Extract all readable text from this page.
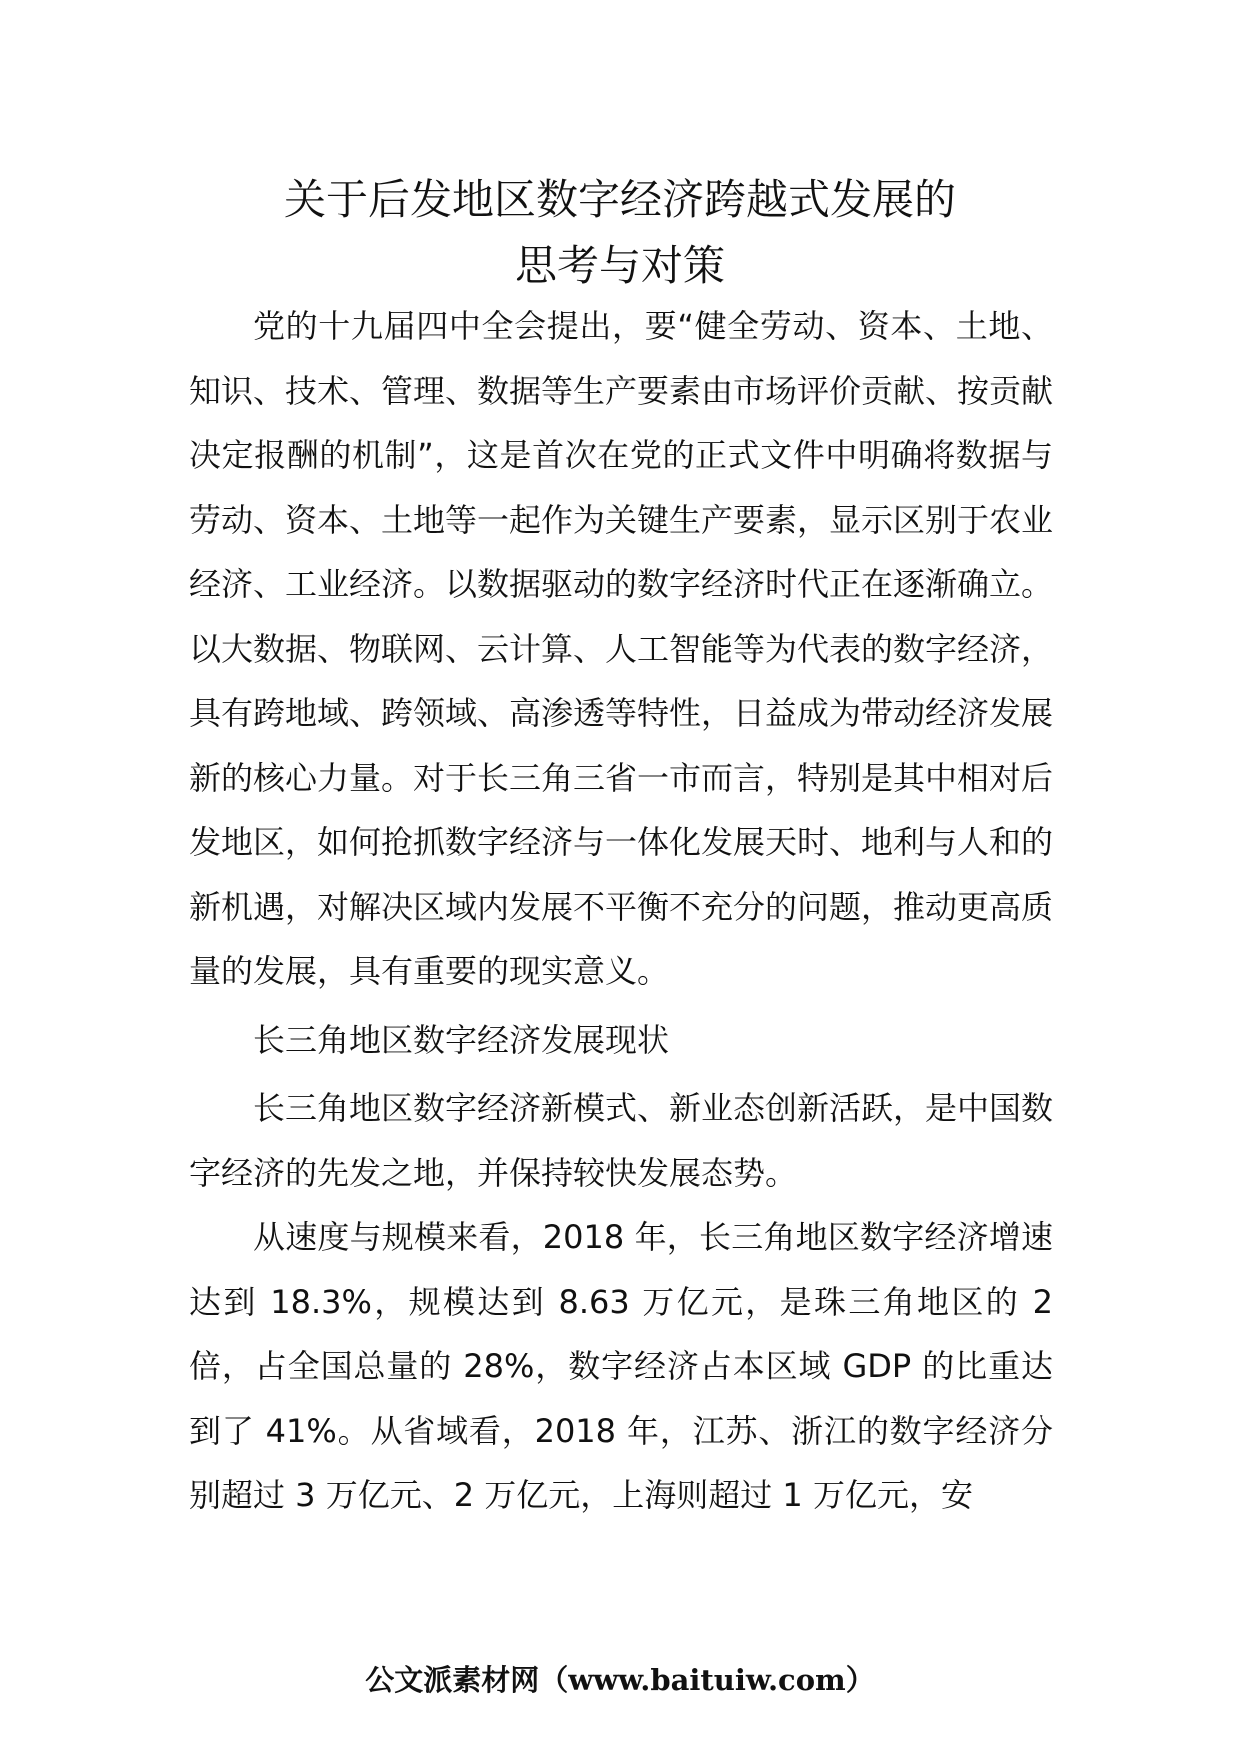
关于后发地区数字经济跨越式发展的
思考与对策

党的十九届四中全会提出，要“健全劳动、资本、土地、知识、技术、管理、数据等生产要素由市场评价贡献、按贡献决定报酬的机制”，这是首次在党的正式文件中明确将数据与劳动、资本、土地等一起作为关键生产要素，显示区别于农业经济、工业经济。以数据驱动的数字经济时代正在逐渐确立。以大数据、物联网、云计算、人工智能等为代表的数字经济，具有跨地域、跨领域、高渗透等特性，日益成为带动经济发展新的核心力量。对于长三角三省一市而言，特别是其中相对后发地区，如何抢抓数字经济与一体化发展天时、地利与人和的新机遇，对解决区域内发展不平衡不充分的问题，推动更高质量的发展，具有重要的现实意义。

长三角地区数字经济发展现状

长三角地区数字经济新模式、新业态创新活跃，是中国数字经济的先发之地，并保持较快发展态势。

从速度与规模来看，2018 年，长三角地区数字经济增速达到 18.3%，规模达到 8.63 万亿元，是珠三角地区的 2 倍，占全国总量的 28%，数字经济占本区域 GDP 的比重达到了 41%。从省域看，2018 年，江苏、浙江的数字经济分别超过 3 万亿元、2 万亿元，上海则超过 1 万亿元，安

公文派素材网（www.baituiw.com）
